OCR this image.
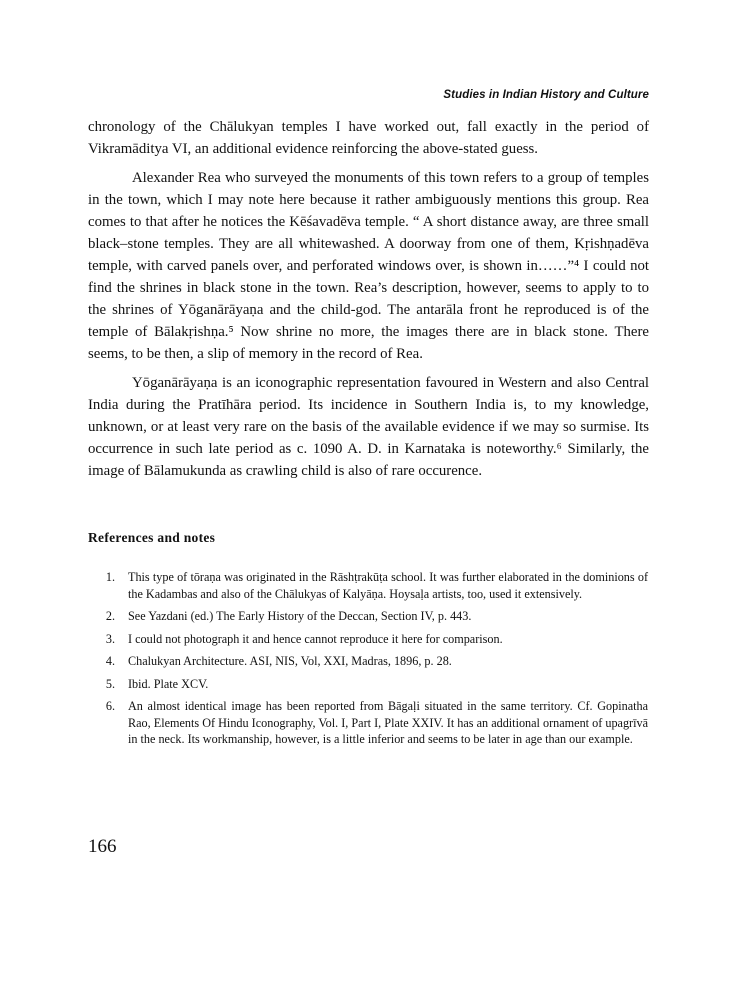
Studies in Indian History and Culture

chronology of the Chālukyan temples I have worked out, fall exactly in the period of Vikramāditya VI, an additional evidence reinforcing the above-stated guess.

Alexander Rea who surveyed the monuments of this town refers to a group of temples in the town, which I may note here because it rather ambiguously mentions this group. Rea comes to that after he notices the Kēśavadēva temple. “ A short distance away, are three small black–stone temples. They are all whitewashed. A doorway from one of them, Kṛishṇadēva temple, with carved panels over, and perforated windows over, is shown in……”⁴ I could not find the shrines in black stone in the town. Rea’s description, however, seems to apply to to the shrines of Yōganārāyaṇa and the child-god. The antarāla front he reproduced is of the temple of Bālakṛishṇa.⁵ Now shrine no more, the images there are in black stone. There seems, to be then, a slip of memory in the record of Rea.

Yōganārāyaṇa is an iconographic representation favoured in Western and also Central India during the Pratīhāra period. Its incidence in Southern India is, to my knowledge, unknown, or at least very rare on the basis of the available evidence if we may so surmise. Its occurrence in such late period as c. 1090 A. D. in Karnataka is noteworthy.⁶ Similarly, the image of Bālamukunda as crawling child is also of rare occurence.

References and notes
1.	This type of tōraṇa was originated in the Rāshṭrakūṭa school. It was further elaborated in the dominions of the Kadambas and also of the Chālukyas of Kalyāṇa. Hoysaḷa artists, too, used it extensively.
2.	See Yazdani (ed.) The Early History of the Deccan, Section IV, p. 443.
3.	I could not photograph it and hence cannot reproduce it here for comparison.
4.	Chalukyan Architecture. ASI, NIS, Vol, XXI, Madras, 1896, p. 28.
5.	Ibid. Plate XCV.
6.	An almost identical image has been reported from Bāgaḷi situated in the same territory. Cf. Gopinatha Rao, Elements Of Hindu Iconography, Vol. I, Part I, Plate XXIV. It has an additional ornament of upagrīvā in the neck. Its workmanship, however, is a little inferior and seems to be later in age than our example.
166
